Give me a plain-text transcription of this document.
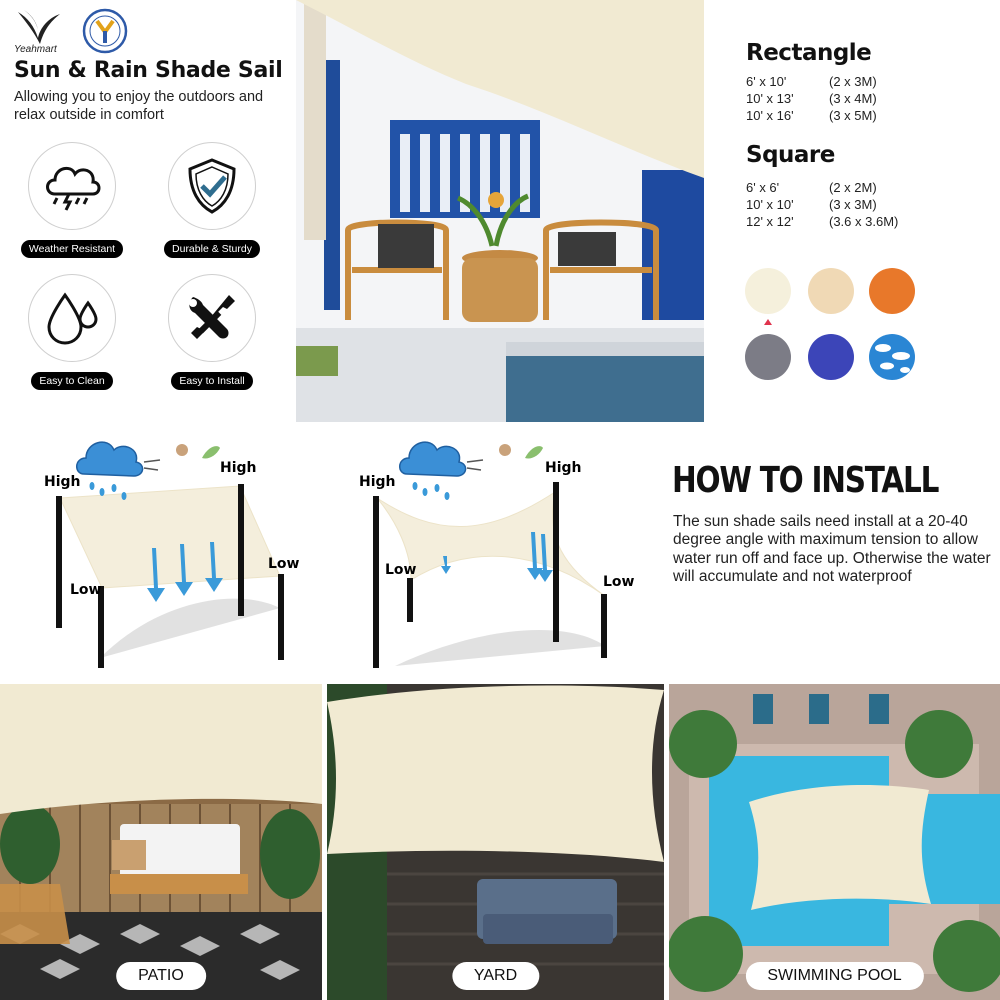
Yeahmart
Sun & Rain Shade Sail
Allowing you to enjoy the outdoors and relax outside in comfort
Weather Resistant	Durable & Sturdy
Easy to Clean	Easy to Install
Rectangle
6' x 10'	(2 x 3M)
10' x 13'	(3 x 4M)
10' x 16'	(3 x 5M)
Square
6' x 6'	(2 x 2M)
10' x 10'	(3 x 3M)
12' x 12'	(3.6 x 3.6M)
High
High
Low
Low
High
High
Low
Low
HOW TO INSTALL
The sun shade sails need install at a 20-40 degree angle with maximum tension to allow water run off and face up. Otherwise the water will accumulate and not waterproof
PATIO	YARD	SWIMMING POOL
